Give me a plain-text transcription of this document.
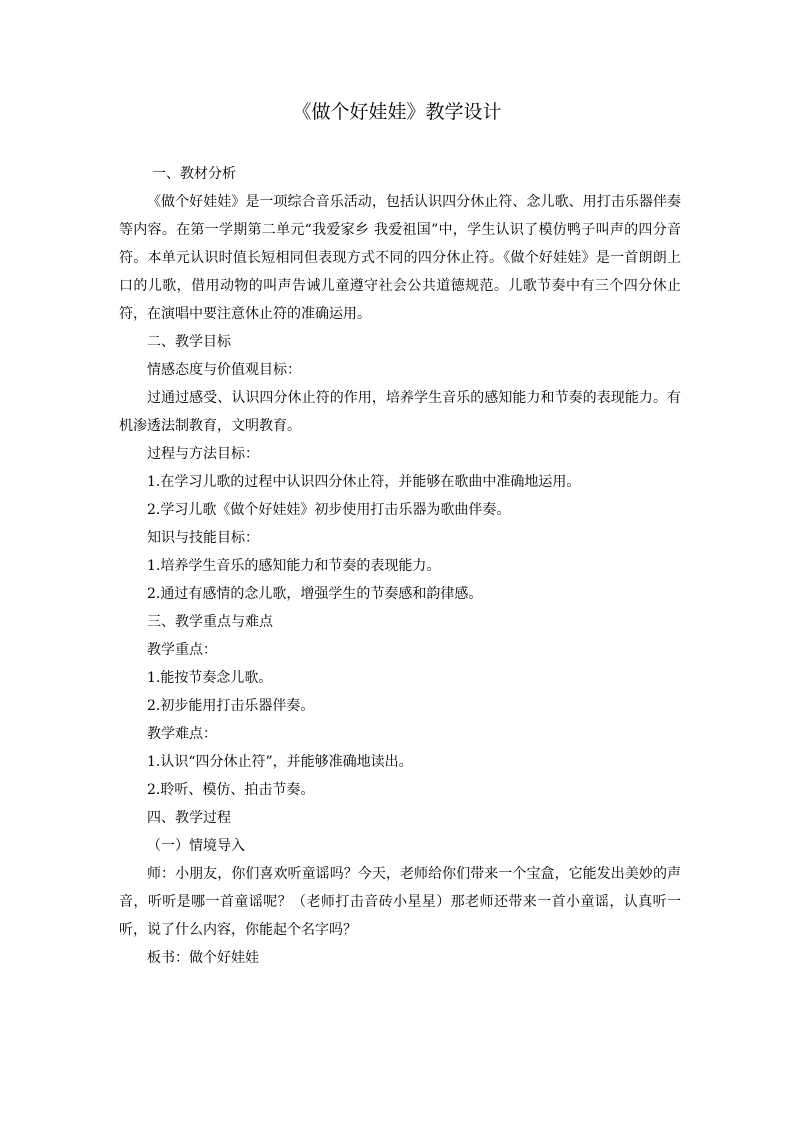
《做个好娃娃》教学设计

一、教材分析

《做个好娃娃》是一项综合音乐活动，包括认识四分休止符、念儿歌、用打击乐器伴奏等内容。在第一学期第二单元“我爱家乡 我爱祖国”中，学生认识了模仿鸭子叫声的四分音符。本单元认识时值长短相同但表现方式不同的四分休止符。《做个好娃娃》是一首朗朗上口的儿歌，借用动物的叫声告诫儿童遵守社会公共道德规范。儿歌节奏中有三个四分休止符，在演唱中要注意休止符的准确运用。

二、教学目标

情感态度与价值观目标：

过通过感受、认识四分休止符的作用，培养学生音乐的感知能力和节奏的表现能力。有机渗透法制教育，文明教育。

过程与方法目标：

1.在学习儿歌的过程中认识四分休止符，并能够在歌曲中准确地运用。

2.学习儿歌《做个好娃娃》初步使用打击乐器为歌曲伴奏。

知识与技能目标：

1.培养学生音乐的感知能力和节奏的表现能力。

2.通过有感情的念儿歌，增强学生的节奏感和韵律感。

三、教学重点与难点

教学重点：

1.能按节奏念儿歌。

2.初步能用打击乐器伴奏。

教学难点：

1.认识“四分休止符”，并能够准确地读出。

2.聆听、模仿、拍击节奏。

四、教学过程

（一）情境导入

师：小朋友，你们喜欢听童谣吗？今天，老师给你们带来一个宝盒，它能发出美妙的声音，听听是哪一首童谣呢？（老师打击音砖小星星）那老师还带来一首小童谣，认真听一听，说了什么内容，你能起个名字吗？

板书：做个好娃娃
